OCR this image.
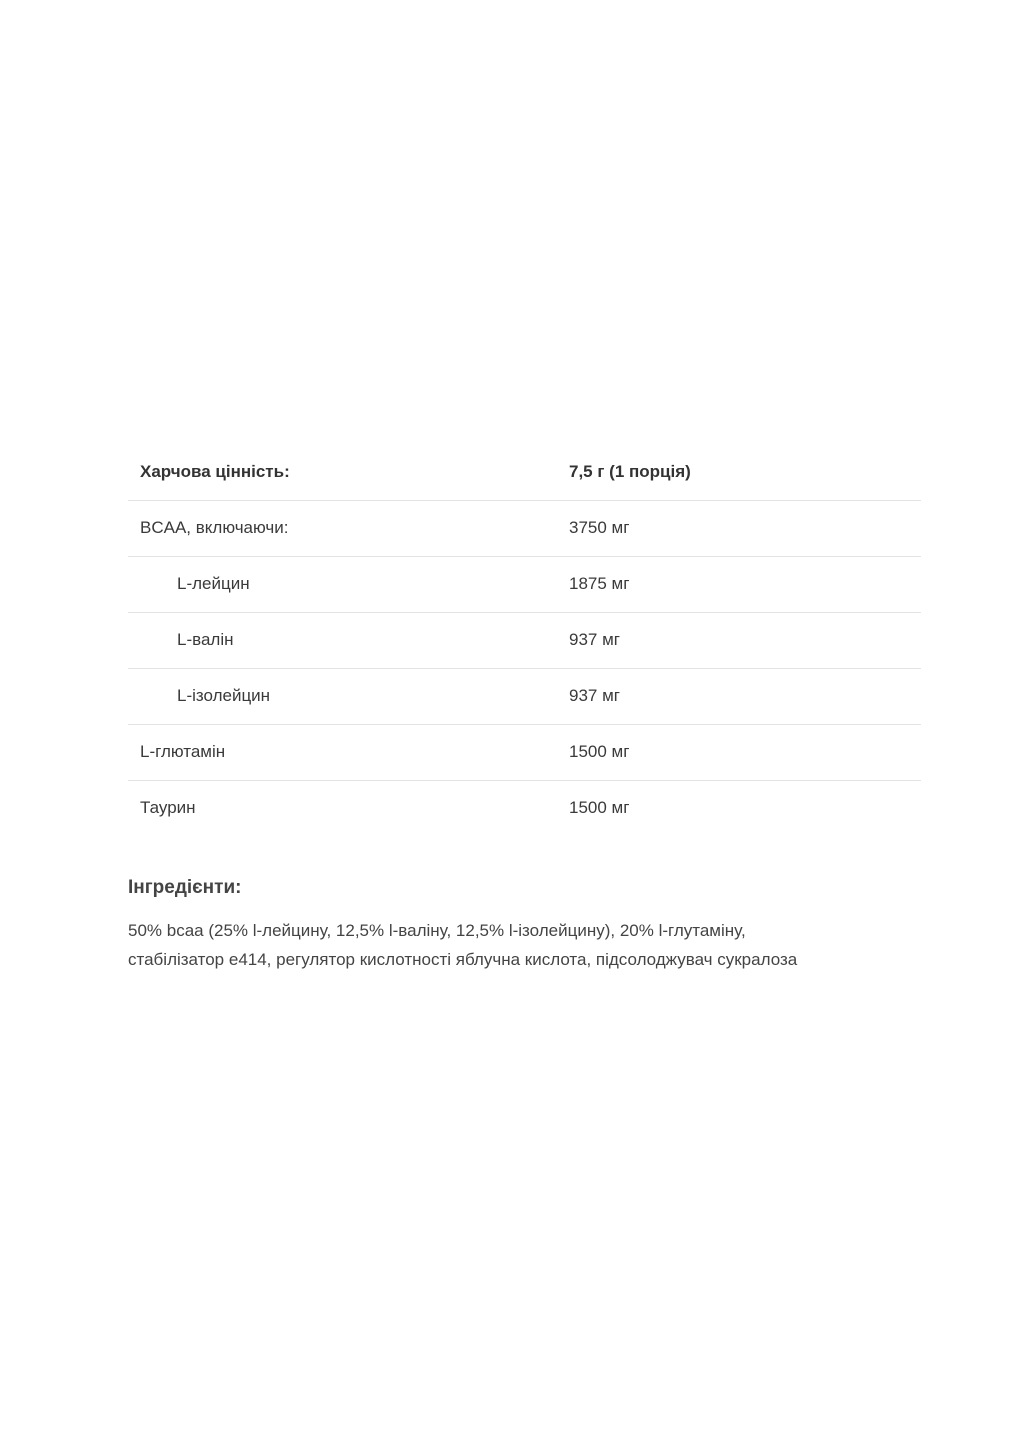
Харчова цінність:	7,5 г (1 порція)
BCAA, включаючи:	3750 мг
L-лейцин	1875 мг
L-валін	937 мг
L-ізолейцин	937 мг
L-глютамін	1500 мг
Таурин	1500 мг
Інгредієнти:

50% bcaa (25% l-лейцину, 12,5% l-валіну, 12,5% l-ізолейцину), 20% l-глутаміну,
стабілізатор e414, регулятор кислотності яблучна кислота, підсолоджувач сукралоза
